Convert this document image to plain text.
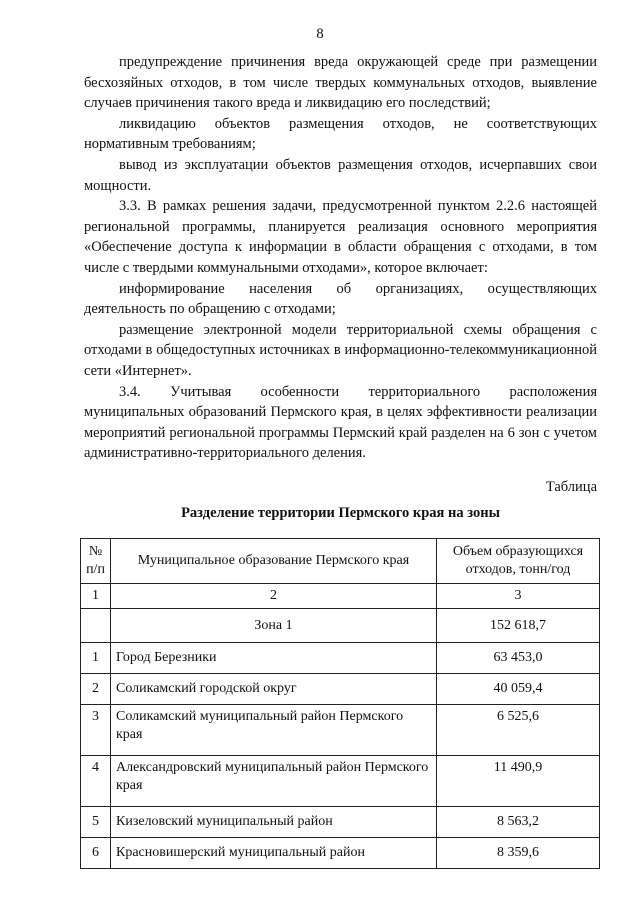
8

предупреждение причинения вреда окружающей среде при размещении бесхозяйных отходов, в том числе твердых коммунальных отходов, выявление случаев причинения такого вреда и ликвидацию его последствий;

ликвидацию объектов размещения отходов, не соответствующих нормативным требованиям;

вывод из эксплуатации объектов размещения отходов, исчерпавших свои мощности.

3.3. В рамках решения задачи, предусмотренной пунктом 2.2.6 настоящей региональной программы, планируется реализация основного мероприятия «Обеспечение доступа к информации в области обращения с отходами, в том числе с твердыми коммунальными отходами», которое включает:

информирование населения об организациях, осуществляющих деятельность по обращению с отходами;

размещение электронной модели территориальной схемы обращения с отходами в общедоступных источниках в информационно-телекоммуникационной сети «Интернет».

3.4. Учитывая особенности территориального расположения муниципальных образований Пермского края, в целях эффективности реализации мероприятий региональной программы Пермский край разделен на 6 зон с учетом административно-территориального деления.

Таблица
Разделение территории Пермского края на зоны
№ п/п	Муниципальное образование Пермского края	Объем образующихся отходов, тонн/год
1	2	3
	Зона 1	152 618,7
1	Город Березники	63 453,0
2	Соликамский городской округ	40 059,4
3	Соликамский муниципальный район Пермского края	6 525,6
4	Александровский муниципальный район Пермского края	11 490,9
5	Кизеловский муниципальный район	8 563,2
6	Красновишерский муниципальный район	8 359,6
